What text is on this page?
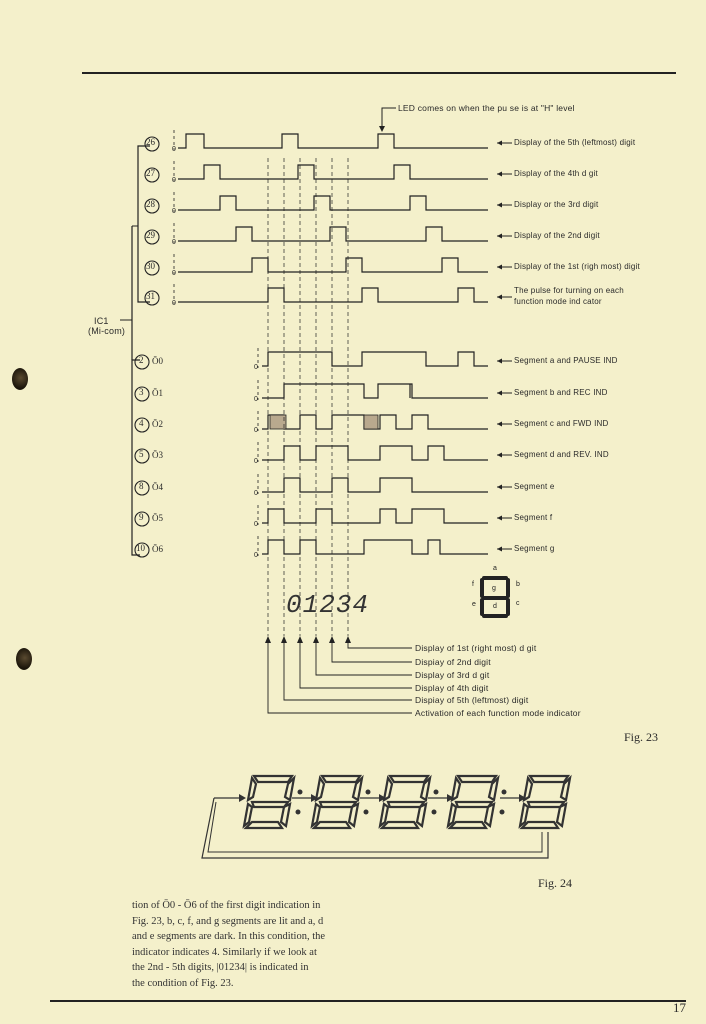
LED comes on when the pu se is at "H" level
IC1
(Mi-com)
a
b
c
d
e
f
g
26
0
Display of the 5th (leftmost) digit
27
0
Display of the 4th d git
28
0
Display or the 3rd digit
29
0
Display of the 2nd digit
30
0
Display of the 1st (righ most) digit
31
0
The pulse for turning on each function mode ind cator
2 Ō0
0
Segment a and PAUSE IND
3 Ō1
0
Segment b and REC IND
4 Ō2
0
Segment c and FWD IND
5 Ō3
0
Segment d and REV. IND
8 Ō4
0
Segment e
9 Ō5
0
Segment f
10 Ō6
0
Segment g
Display of 1st (right most) d git
Dispiay of 2nd digit
Display of 3rd d git
Display of 4th digit
Dispiay of 5th (leftmost) digit
Activation of each function mode indicator
01234
Fig. 23
Fig. 24
tion of Ō0 - Ō6 of the first digit indication in
Fig. 23, b, c, f, and g segments are lit and a, d
and e segments are dark. In this condition, the
indicator indicates 4. Similarly if we look at
the 2nd - 5th digits, |01234| is indicated in
the condition of Fig. 23.
17
